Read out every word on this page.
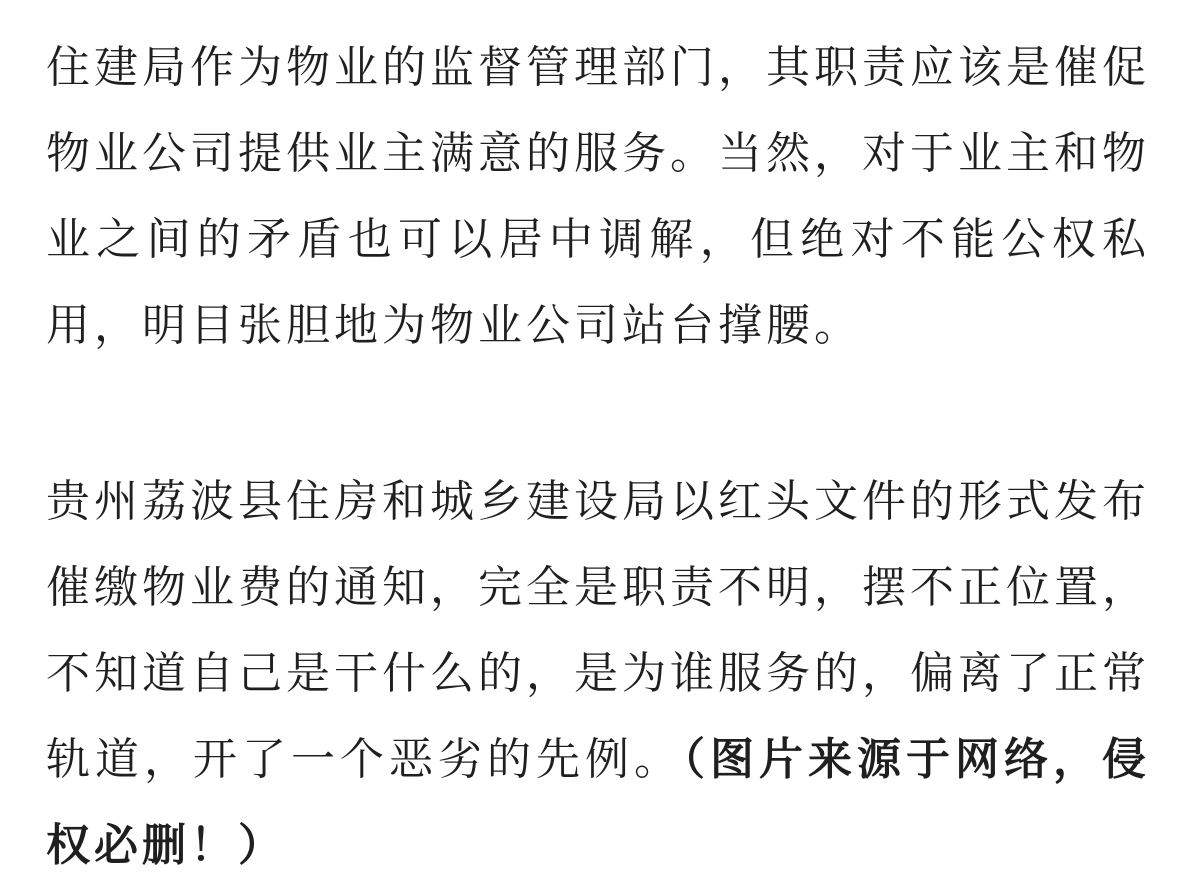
住建局作为物业的监督管理部门，其职责应该是催促物业公司提供业主满意的服务。当然，对于业主和物业之间的矛盾也可以居中调解，但绝对不能公权私用，明目张胆地为物业公司站台撑腰。

贵州荔波县住房和城乡建设局以红头文件的形式发布催缴物业费的通知，完全是职责不明，摆不正位置，不知道自己是干什么的，是为谁服务的，偏离了正常轨道，开了一个恶劣的先例。（图片来源于网络，侵权必删！）
